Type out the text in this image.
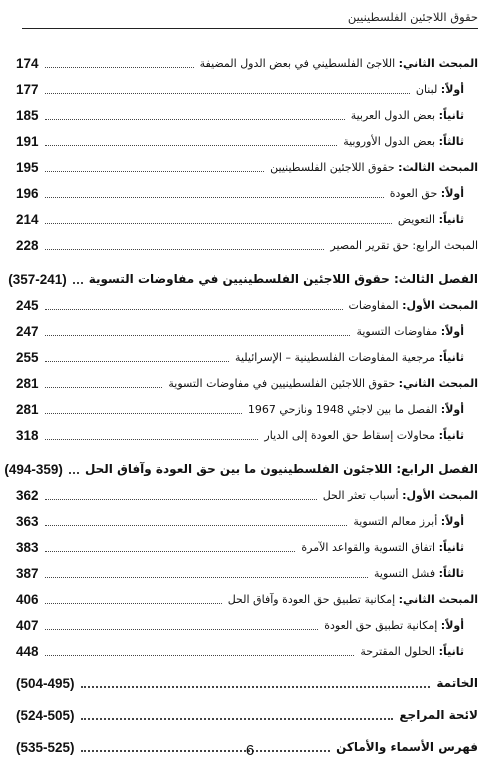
حقوق اللاجئين الفلسطينيين
المبحث الثاني: اللاجئ الفلسطيني في بعض الدول المضيفة
174
أولاً: لبنان
177
ثانياً: بعض الدول العربية
185
ثالثاً: بعض الدول الأوروبية
191
المبحث الثالث: حقوق اللاجئين الفلسطينيين
195
أولاً: حق العودة
196
ثانياً: التعويض
214
المبحث الرابع: حق تقرير المصير
228
الفصل الثالث: حقوق اللاجئين الفلسطينيين في مفاوضات التسوية
(357-241)
المبحث الأول: المفاوضات
245
أولاً: مفاوضات التسوية
247
ثانياً: مرجعية المفاوضات الفلسطينية – الإسرائيلية
255
المبحث الثاني: حقوق اللاجئين الفلسطينيين في مفاوضات التسوية
281
أولاً: الفصل ما بين لاجئي 1948 ونازحي 1967
281
ثانياً: محاولات إسقاط حق العودة إلى الديار
318
الفصل الرابع: اللاجئون الفلسطينيون ما بين حق العودة وآفاق الحل
(494-359)
المبحث الأول: أسباب تعثر الحل
362
أولاً: أبرز معالم التسوية
363
ثانياً: اتفاق التسوية والقواعد الآمرة
383
ثالثاً: فشل التسوية
387
المبحث الثاني: إمكانية تطبيق حق العودة وآفاق الحل
406
أولاً: إمكانية تطبيق حق العودة
407
ثانياً: الحلول المقترحة
448
الخاتمة
(504-495)
لائحة المراجع
(524-505)
فهرس الأسماء والأماكن
(535-525)	6
